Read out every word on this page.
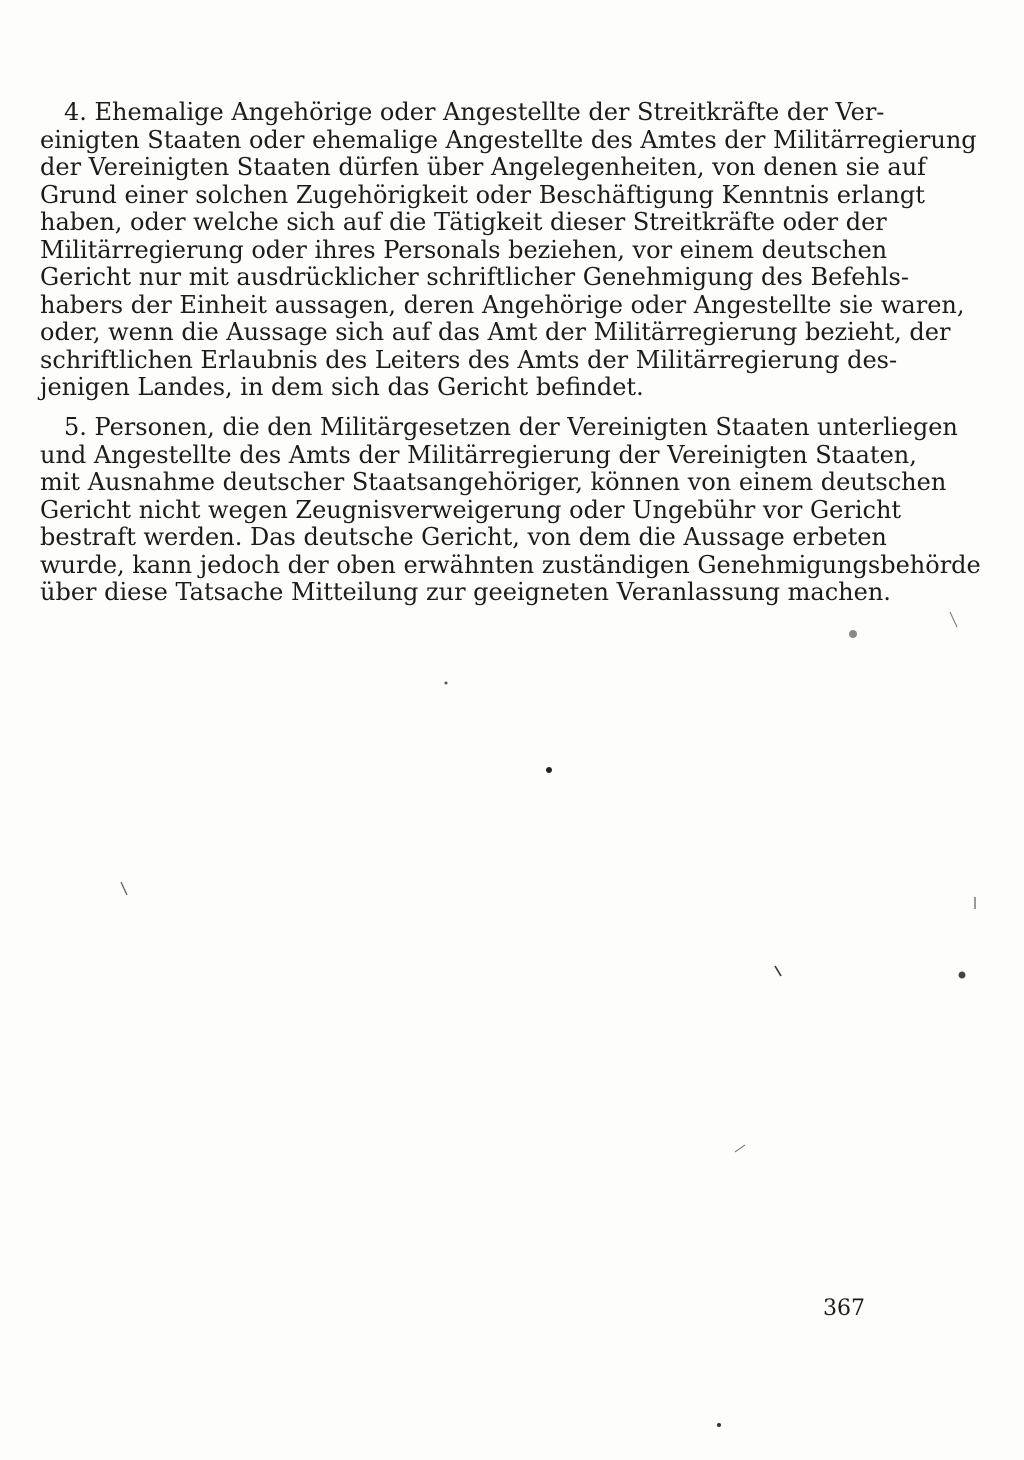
4. Ehemalige Angehörige oder Angestellte der Streitkräfte der Ver-
einigten Staaten oder ehemalige Angestellte des Amtes der Militärregierung
der Vereinigten Staaten dürfen über Angelegenheiten, von denen sie auf
Grund einer solchen Zugehörigkeit oder Beschäftigung Kenntnis erlangt
haben, oder welche sich auf die Tätigkeit dieser Streitkräfte oder der
Militärregierung oder ihres Personals beziehen, vor einem deutschen
Gericht nur mit ausdrücklicher schriftlicher Genehmigung des Befehls-
habers der Einheit aussagen, deren Angehörige oder Angestellte sie waren,
oder, wenn die Aussage sich auf das Amt der Militärregierung bezieht, der
schriftlichen Erlaubnis des Leiters des Amts der Militärregierung des-
jenigen Landes, in dem sich das Gericht befindet.
5. Personen, die den Militärgesetzen der Vereinigten Staaten unterliegen
und Angestellte des Amts der Militärregierung der Vereinigten Staaten,
mit Ausnahme deutscher Staatsangehöriger, können von einem deutschen
Gericht nicht wegen Zeugnisverweigerung oder Ungebühr vor Gericht
bestraft werden. Das deutsche Gericht, von dem die Aussage erbeten
wurde, kann jedoch der oben erwähnten zuständigen Genehmigungsbehörde
über diese Tatsache Mitteilung zur geeigneten Veranlassung machen.
367
